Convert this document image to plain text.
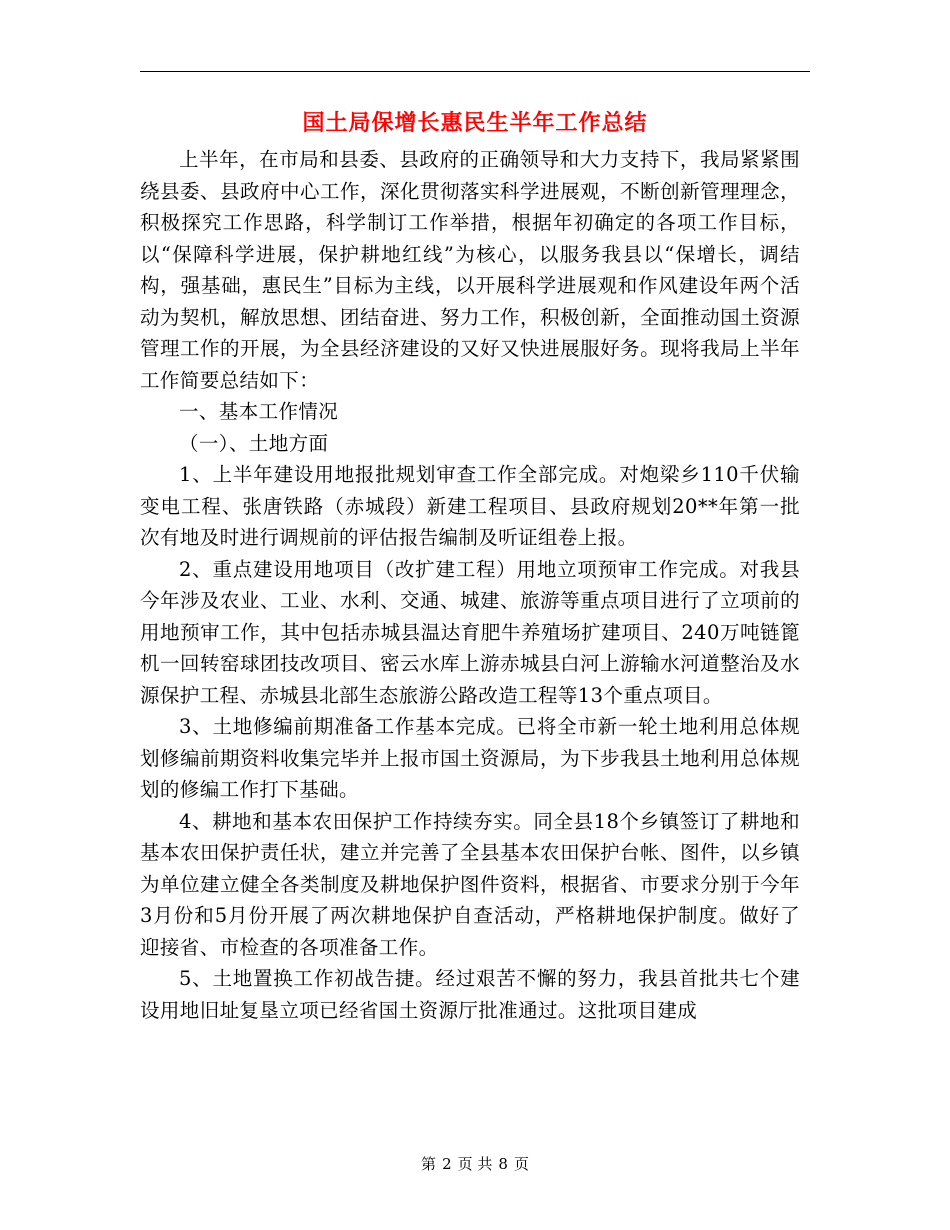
国土局保增长惠民生半年工作总结

上半年，在市局和县委、县政府的正确领导和大力支持下，我局紧紧围绕县委、县政府中心工作，深化贯彻落实科学进展观，不断创新管理理念，积极探究工作思路，科学制订工作举措，根据年初确定的各项工作目标，以“保障科学进展，保护耕地红线”为核心，以服务我县以“保增长，调结构，强基础，惠民生”目标为主线，以开展科学进展观和作风建设年两个活动为契机，解放思想、团结奋进、努力工作，积极创新，全面推动国土资源管理工作的开展，为全县经济建设的又好又快进展服好务。现将我局上半年工作简要总结如下：

一、基本工作情况

（一）、土地方面

1、上半年建设用地报批规划审查工作全部完成。对炮梁乡110千伏输变电工程、张唐铁路（赤城段）新建工程项目、县政府规划20**年第一批次有地及时进行调规前的评估报告编制及听证组卷上报。

2、重点建设用地项目（改扩建工程）用地立项预审工作完成。对我县今年涉及农业、工业、水利、交通、城建、旅游等重点项目进行了立项前的用地预审工作，其中包括赤城县温达育肥牛养殖场扩建项目、240万吨链篦机一回转窑球团技改项目、密云水库上游赤城县白河上游输水河道整治及水源保护工程、赤城县北部生态旅游公路改造工程等13个重点项目。

3、土地修编前期准备工作基本完成。已将全市新一轮土地利用总体规划修编前期资料收集完毕并上报市国土资源局，为下步我县土地利用总体规划的修编工作打下基础。

4、耕地和基本农田保护工作持续夯实。同全县18个乡镇签订了耕地和基本农田保护责任状，建立并完善了全县基本农田保护台帐、图件，以乡镇为单位建立健全各类制度及耕地保护图件资料，根据省、市要求分别于今年3月份和5月份开展了两次耕地保护自查活动，严格耕地保护制度。做好了迎接省、市检查的各项准备工作。

5、土地置换工作初战告捷。经过艰苦不懈的努力，我县首批共七个建设用地旧址复垦立项已经省国土资源厅批准通过。这批项目建成

第 2 页 共 8 页
